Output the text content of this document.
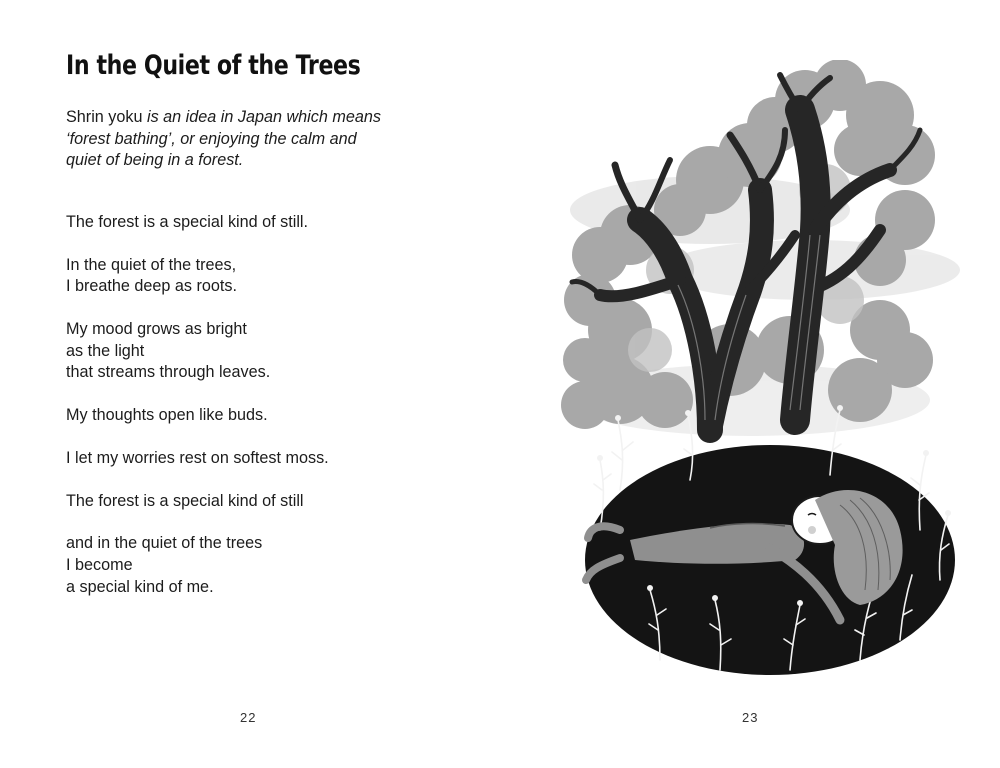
In the Quiet of the Trees

Shrin yoku is an idea in Japan which means
‘forest bathing’, or enjoying the calm and
quiet of being in a forest.

The forest is a special kind of still.

In the quiet of the trees,
I breathe deep as roots.

My mood grows as bright
as the light
that streams through leaves.

My thoughts open like buds.

I let my worries rest on softest moss.

The forest is a special kind of still

and in the quiet of the trees
I become
a special kind of me.

22	23
